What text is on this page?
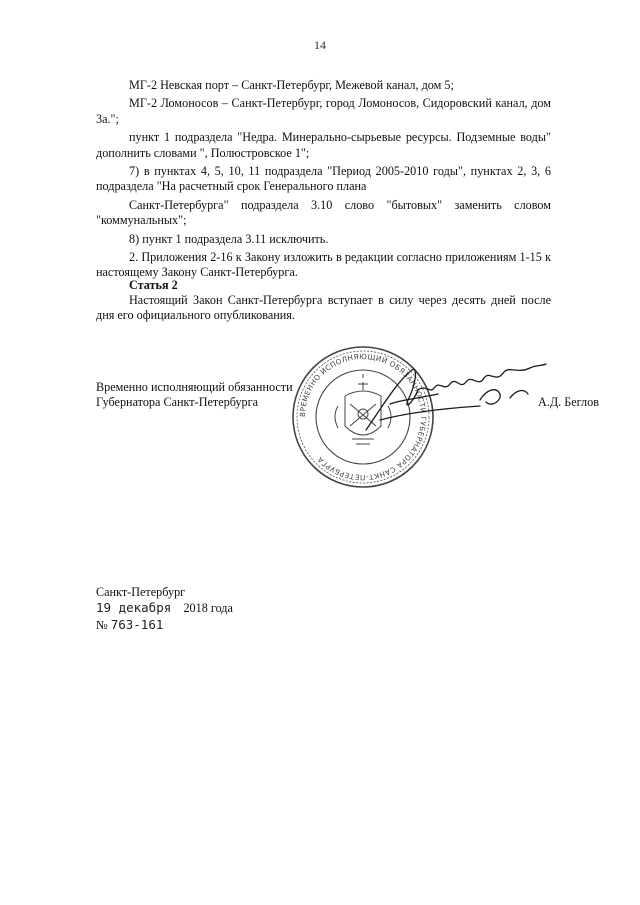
14

МГ-2 Невская порт – Санкт-Петербург, Межевой канал, дом 5;

МГ-2 Ломоносов – Санкт-Петербург, город Ломоносов, Сидоровский канал, дом 3а.";

пункт 1 подраздела "Недра. Минерально-сырьевые ресурсы. Подземные воды" дополнить словами ", Полюстровское 1";

7) в пунктах 4, 5, 10, 11 подраздела "Период 2005-2010 годы", пунктах 2, 3, 6 подраздела "На расчетный срок Генерального плана

Санкт-Петербурга" подраздела 3.10 слово "бытовых" заменить словом "коммунальных";

8) пункт 1 подраздела 3.11 исключить.

2. Приложения 2-16 к Закону изложить в редакции согласно приложениям 1-15 к настоящему Закону Санкт-Петербурга.

Статья 2
Настоящий Закон Санкт-Петербурга вступает в силу через десять дней после дня его официального опубликования.
Временно исполняющий обязанности
Губернатора Санкт-Петербурга	А.Д. Беглов
ВРЕМЕННО ИСПОЛНЯЮЩИЙ ОБЯЗАННОСТИ ГУБЕРНАТОРА САНКТ-ПЕТЕРБУРГА
Санкт-Петербург
19 декабря 2018 года
№ 763-161
